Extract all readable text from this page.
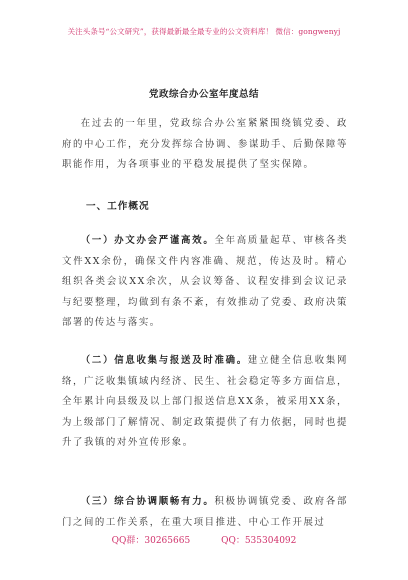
关注头条号“公文研究”，获得最新最全最专业的公文资料库！ 微信：gongwenyj
党政综合办公室年度总结

在过去的一年里，党政综合办公室紧紧围绕镇党委、政府的中心工作，充分发挥综合协调、参谋助手、后勤保障等职能作用，为各项事业的平稳发展提供了坚实保障。

一、工作概况

（一）办文办会严谨高效。全年高质量起草、审核各类文件XX余份，确保文件内容准确、规范，传达及时。精心组织各类会议XX余次，从会议筹备、议程安排到会议记录与纪要整理，均做到有条不紊，有效推动了党委、政府决策部署的传达与落实。

（二）信息收集与报送及时准确。建立健全信息收集网络，广泛收集镇域内经济、民生、社会稳定等多方面信息，全年累计向县级及以上部门报送信息XX条，被采用XX条，为上级部门了解情况、制定政策提供了有力依据，同时也提升了我镇的对外宣传形象。

（三）综合协调顺畅有力。积极协调镇党委、政府各部门之间的工作关系，在重大项目推进、中心工作开展过

QQ群：30265665	QQ：535304092
